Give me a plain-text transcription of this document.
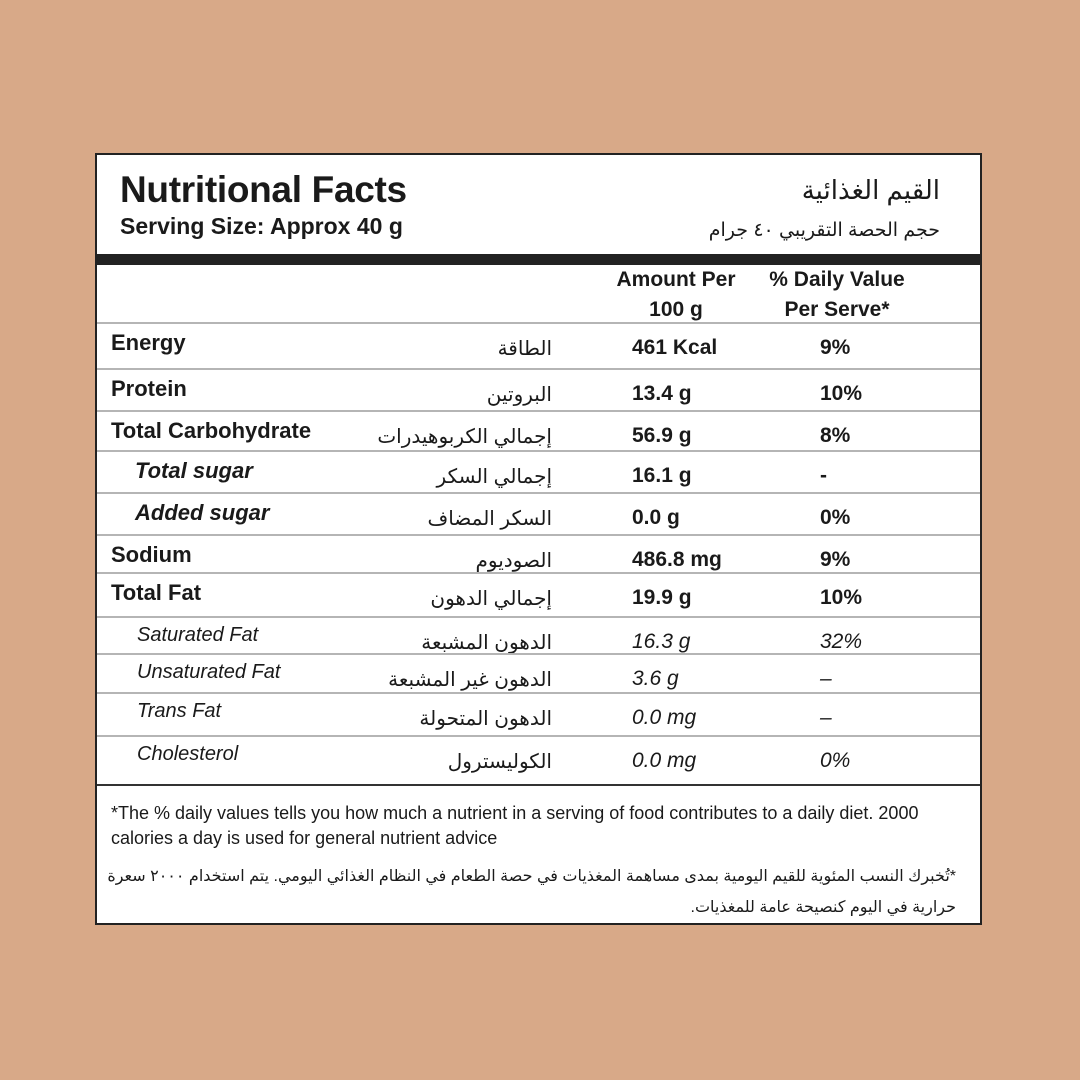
Nutritional Facts
Serving Size: Approx 40 g
القيم الغذائية
حجم الحصة التقريبي ٤٠ جرام
Amount Per
100 g
% Daily Value
Per Serve*
Energy	الطاقة	461 Kcal	9%
Protein	البروتين	13.4 g	10%
Total Carbohydrate	إجمالي الكربوهيدرات	56.9 g	8%
Total sugar	إجمالي السكر	16.1 g	-
Added sugar	السكر المضاف	0.0 g	0%
Sodium	الصوديوم	486.8 mg	9%
Total Fat	إجمالي الدهون	19.9 g	10%
Saturated Fat	الدهون المشبعة	16.3 g	32%
Unsaturated Fat	الدهون غير المشبعة	3.6 g	–
Trans Fat	الدهون المتحولة	0.0 mg	–
Cholesterol	الكوليسترول	0.0 mg	0%
*The % daily values tells you how much a nutrient in a serving of food contributes to a daily diet. 2000 calories a day is used for general nutrient advice
*تُخبرك النسب المئوية للقيم اليومية بمدى مساهمة المغذيات في حصة الطعام في النظام الغذائي اليومي. يتم استخدام ٢٠٠٠ سعرة حرارية في اليوم كنصيحة عامة للمغذيات.
